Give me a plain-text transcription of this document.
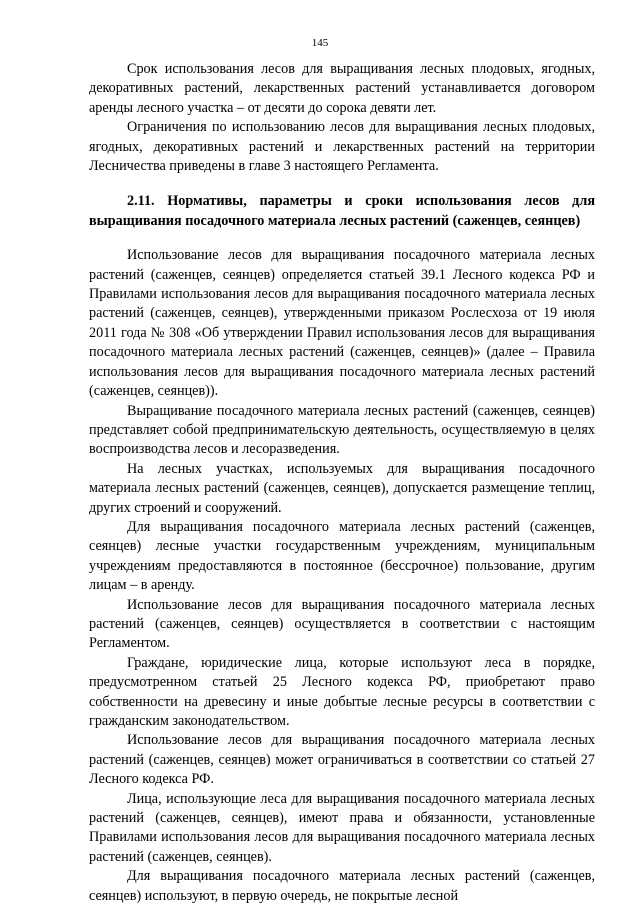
145

Срок использования лесов для выращивания лесных плодовых, ягодных, декоративных растений, лекарственных растений устанавливается договором аренды лесного участка – от десяти до сорока девяти лет.

Ограничения по использованию лесов для выращивания лесных плодовых, ягодных, декоративных растений и лекарственных растений на территории Лесничества приведены в главе 3 настоящего Регламента.

2.11. Нормативы, параметры и сроки использования лесов для выращивания посадочного материала лесных растений (саженцев, сеянцев)

Использование лесов для выращивания посадочного материала лесных растений (саженцев, сеянцев) определяется статьей 39.1 Лесного кодекса РФ и Правилами использования лесов для выращивания посадочного материала лесных растений (саженцев, сеянцев), утвержденными приказом Рослесхоза от 19 июля 2011 года № 308 «Об утверждении Правил использования лесов для выращивания посадочного материала лесных растений (саженцев, сеянцев)» (далее – Правила использования лесов для выращивания посадочного материала лесных растений (саженцев, сеянцев)).

Выращивание посадочного материала лесных растений (саженцев, сеянцев) представляет собой предпринимательскую деятельность, осуществляемую в целях воспроизводства лесов и лесоразведения.

На лесных участках, используемых для выращивания посадочного материала лесных растений (саженцев, сеянцев), допускается размещение теплиц, других строений и сооружений.

Для выращивания посадочного материала лесных растений (саженцев, сеянцев) лесные участки государственным учреждениям, муниципальным учреждениям предоставляются в постоянное (бессрочное) пользование, другим лицам – в аренду.

Использование лесов для выращивания посадочного материала лесных растений (саженцев, сеянцев) осуществляется в соответствии с настоящим Регламентом.

Граждане, юридические лица, которые используют леса в порядке, предусмотренном статьей 25 Лесного кодекса РФ, приобретают право собственности на древесину и иные добытые лесные ресурсы в соответствии с гражданским законодательством.

Использование лесов для выращивания посадочного материала лесных растений (саженцев, сеянцев) может ограничиваться в соответствии со статьей 27 Лесного кодекса РФ.

Лица, использующие леса для выращивания посадочного материала лесных растений (саженцев, сеянцев), имеют права и обязанности, установленные Правилами использования лесов для выращивания посадочного материала лесных растений (саженцев, сеянцев).

Для выращивания посадочного материала лесных растений (саженцев, сеянцев) используют, в первую очередь, не покрытые лесной
